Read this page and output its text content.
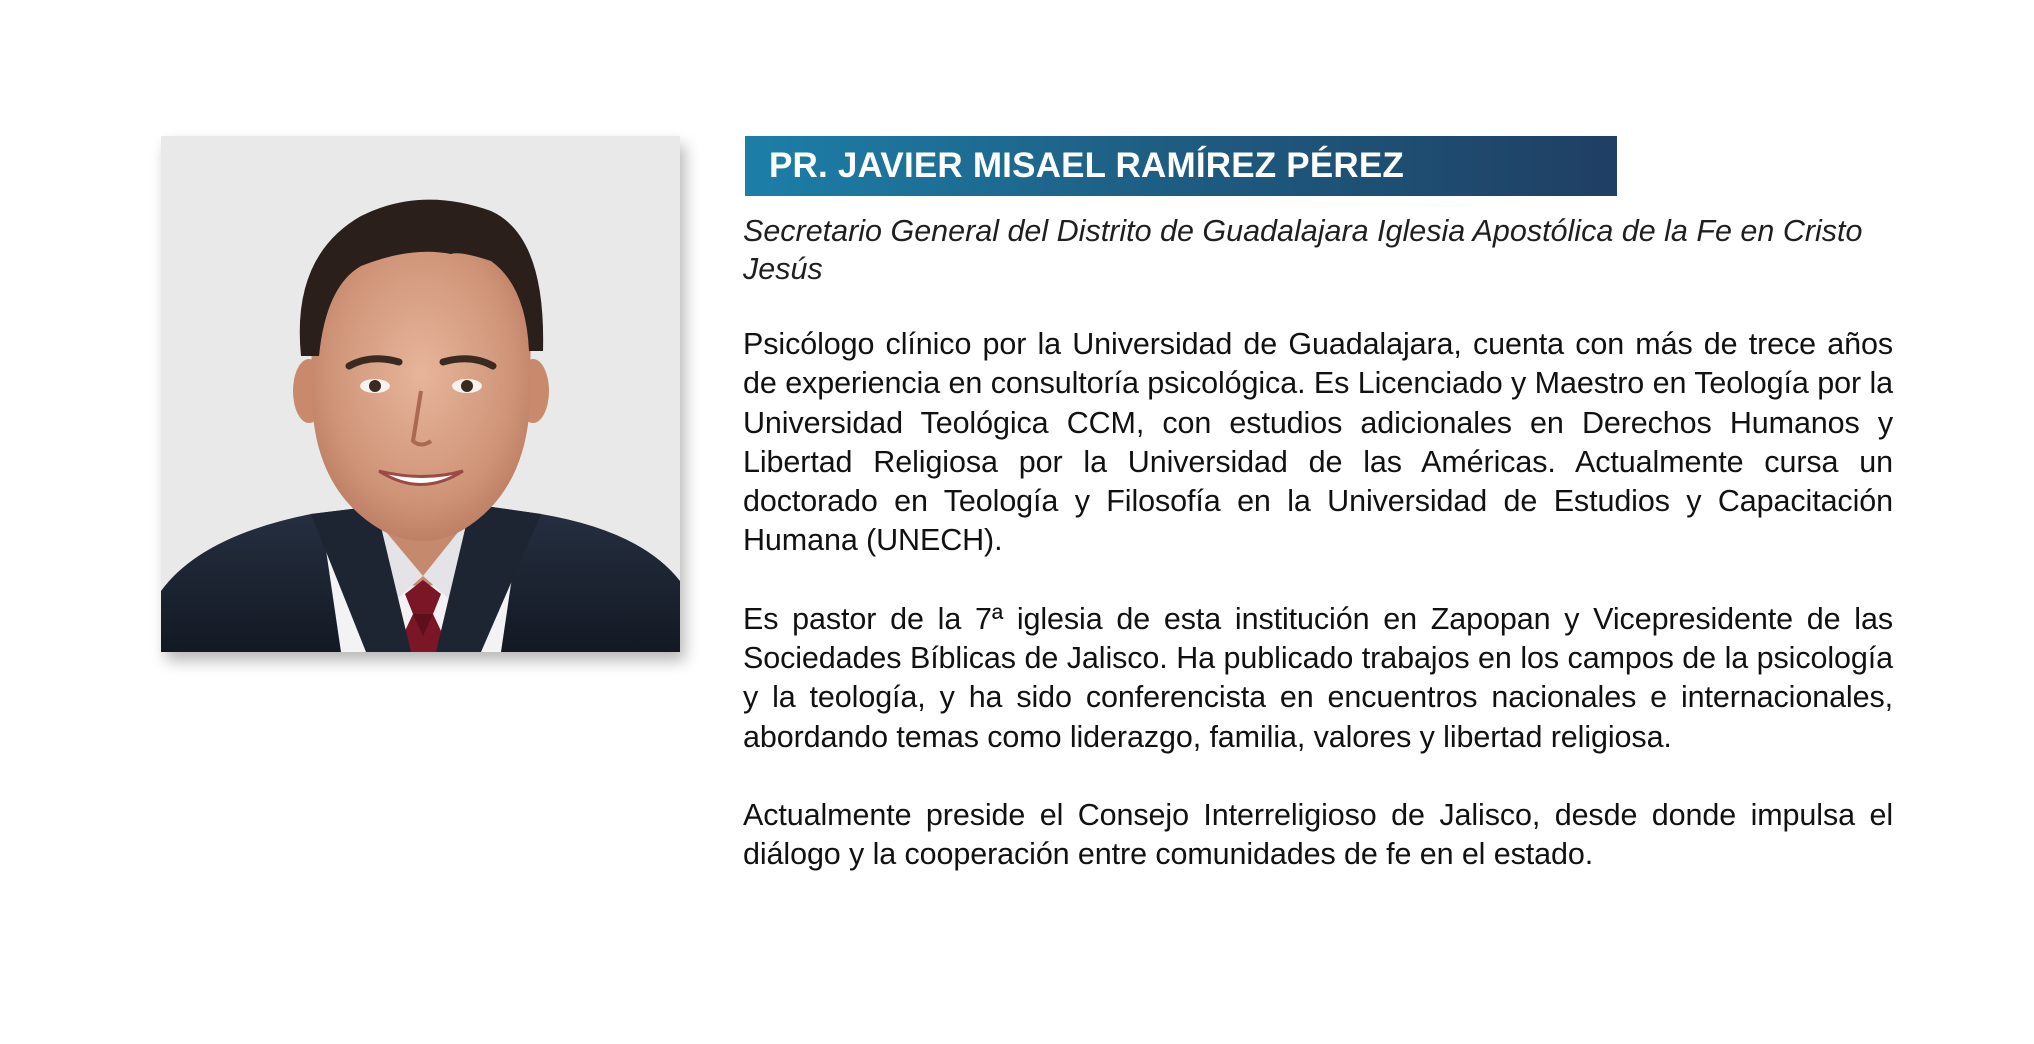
PR. JAVIER MISAEL RAMÍREZ PÉREZ

Secretario General del Distrito de Guadalajara Iglesia Apostólica de la Fe en Cristo Jesús

Psicólogo clínico por la Universidad de Guadalajara, cuenta con más de trece años de experiencia en consultoría psicológica. Es Licenciado y Maestro en Teología por la Universidad Teológica CCM, con estudios adicionales en Derechos Humanos y Libertad Religiosa por la Universidad de las Américas. Actualmente cursa un doctorado en Teología y Filosofía en la Universidad de Estudios y Capacitación Humana (UNECH).

Es pastor de la 7ª iglesia de esta institución en Zapopan y Vicepresidente de las Sociedades Bíblicas de Jalisco. Ha publicado trabajos en los campos de la psicología y la teología, y ha sido conferencista en encuentros nacionales e internacionales, abordando temas como liderazgo, familia, valores y libertad religiosa.

Actualmente preside el Consejo Interreligioso de Jalisco, desde donde impulsa el diálogo y la cooperación entre comunidades de fe en el estado.
